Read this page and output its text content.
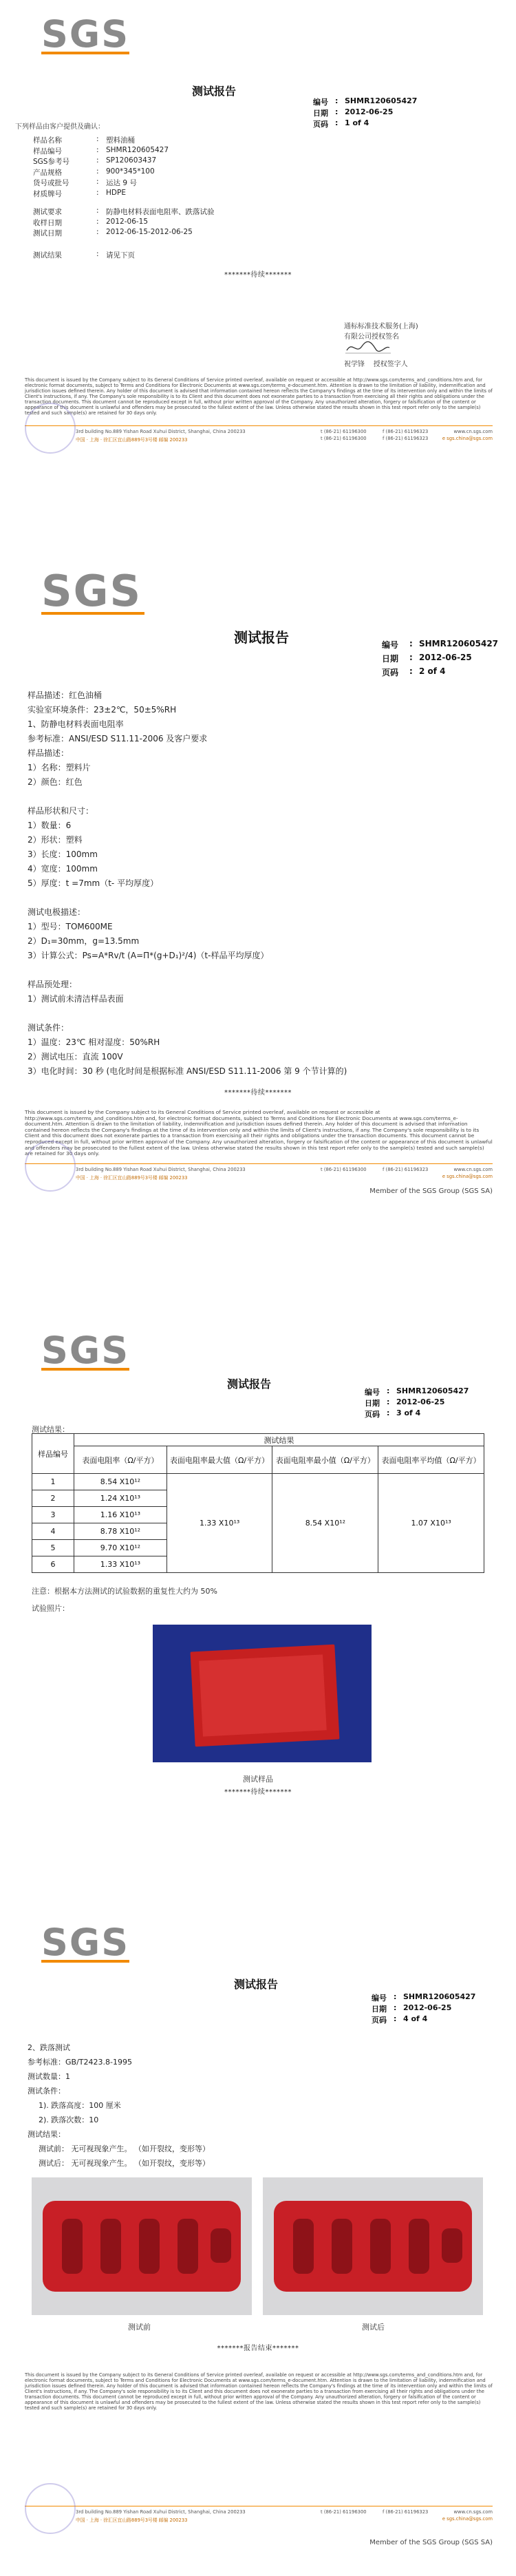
SGS
测试报告
编号 : SHMR120605427
日期 : 2012-06-25
页码 : 1 of 4
下列样品由客户提供及确认：
样品名称	: 塑料油桶
样品编号	: SHMR120605427
SGS参考号	: SP120603437
产品规格	: 900*345*100
货号或批号	: 运达 9 号
材质牌号	: HDPE
测试要求	: 防静电材料表面电阻率、跌落试验
收样日期	: 2012-06-15
测试日期	: 2012-06-15-2012-06-25
测试结果	: 请见下页
*******待续*******
通标标准技术服务(上海)
有限公司授权签名
祝学锋 授权签字人
This document is issued by the Company subject to its General Conditions of Service printed overleaf, available on request or accessible at http://www.sgs.com/terms_and_conditions.htm and, for electronic format documents, subject to Terms and Conditions for Electronic Documents at www.sgs.com/terms_e-document.htm. Attention is drawn to the limitation of liability, indemnification and jurisdiction issues defined therein. Any holder of this document is advised that information contained hereon reflects the Company's findings at the time of its intervention only and within the limits of Client's instructions, if any. The Company's sole responsibility is to its Client and this document does not exonerate parties to a transaction from exercising all their rights and obligations under the transaction documents. This document cannot be reproduced except in full, without prior written approval of the Company. Any unauthorized alteration, forgery or falsification of the content or appearance of this document is unlawful and offenders may be prosecuted to the fullest extent of the law. Unless otherwise stated the results shown in this test report refer only to the sample(s) tested and such sample(s) are retained for 30 days only.
3rd building No.889 Yishan Road Xuhui District, Shanghai, China 200233
中国 · 上海 · 徐汇区宜山路889号3号楼 邮编 200233
t (86-21) 61196300	f (86-21) 61196323
t (86-21) 61196300	f (86-21) 61196323
www.cn.sgs.com
e sgs.china@sgs.com
SGS
测试报告	编号	: SHMR120605427
日期	: 2012-06-25
页码	: 2 of 4
样品描述：红色油桶
实验室环境条件：23±2℃，50±5%RH
1、防静电材料表面电阻率
参考标准：ANSI/ESD S11.11-2006 及客户要求
样品描述：
1）名称：塑料片
2）颜色：红色
样品形状和尺寸：
1）数量：6
2）形状：塑料
3）长度：100mm
4）宽度：100mm
5）厚度：t =7mm（t- 平均厚度）
测试电极描述：
1）型号：TOM600ME
2）D₁=30mm，g=13.5mm
3）计算公式：Ps=A*Rv/t (A=Π*(g+D₁)²/4)（t-样品平均厚度）
样品预处理：
1）测试前未清洁样品表面
测试条件：
1）温度：23℃ 相对湿度：50%RH
2）测试电压：直流 100V
3）电化时间：30 秒 (电化时间是根据标准 ANSI/ESD S11.11-2006 第 9 个节计算的)
*******待续*******
This document is issued by the Company subject to its General Conditions of Service printed overleaf, available on request or accessible at http://www.sgs.com/terms_and_conditions.htm and, for electronic format documents, subject to Terms and Conditions for Electronic Documents at www.sgs.com/terms_e-document.htm. Attention is drawn to the limitation of liability, indemnification and jurisdiction issues defined therein. Any holder of this document is advised that information contained hereon reflects the Company's findings at the time of its intervention only and within the limits of Client's instructions, if any. The Company's sole responsibility is to its Client and this document does not exonerate parties to a transaction from exercising all their rights and obligations under the transaction documents. This document cannot be reproduced except in full, without prior written approval of the Company. Any unauthorized alteration, forgery or falsification of the content or appearance of this document is unlawful and offenders may be prosecuted to the fullest extent of the law. Unless otherwise stated the results shown in this test report refer only to the sample(s) tested and such sample(s) are retained for 30 days only.
3rd building No.889 Yishan Road Xuhui District, Shanghai, China 200233
中国 · 上海 · 徐汇区宜山路889号3号楼 邮编 200233
t (86-21) 61196300	f (86-21) 61196323	www.cn.sgs.com
e sgs.china@sgs.com
Member of the SGS Group (SGS SA)
SGS
测试报告
编号 : SHMR120605427
日期 : 2012-06-25
页码 : 3 of 4
测试结果：
样品编号	测试结果			
	表面电阻率（Ω/平方）	表面电阻率最大值（Ω/平方）	表面电阻率最小值（Ω/平方）	表面电阻率平均值（Ω/平方）
1	8.54 X10¹²	1.33 X10¹³	8.54 X10¹²	1.07 X10¹³
2	1.24 X10¹³			
3	1.16 X10¹³			
4	8.78 X10¹²			
5	9.70 X10¹²			
6	1.33 X10¹³			
注意：根据本方法测试的试验数据的重复性大约为 50%
试验照片：
测试样品
*******待续*******
SGS
测试报告
编号 : SHMR120605427
日期 : 2012-06-25
页码 : 4 of 4
2、跌落测试
参考标准：GB/T2423.8-1995
测试数量：1
测试条件：
1). 跌落高度：100 厘米
2). 跌落次数：10
测试结果：
测试前： 无可视现象产生。 （如开裂纹，变形等）
测试后： 无可视现象产生。 （如开裂纹，变形等）
测试前	测试后
*******报告结束*******
This document is issued by the Company subject to its General Conditions of Service printed overleaf, available on request or accessible at http://www.sgs.com/terms_and_conditions.htm and, for electronic format documents, subject to Terms and Conditions for Electronic Documents at www.sgs.com/terms_e-document.htm. Attention is drawn to the limitation of liability, indemnification and jurisdiction issues defined therein. Any holder of this document is advised that information contained hereon reflects the Company's findings at the time of its intervention only and within the limits of Client's instructions, if any. The Company's sole responsibility is to its Client and this document does not exonerate parties to a transaction from exercising all their rights and obligations under the transaction documents. This document cannot be reproduced except in full, without prior written approval of the Company. Any unauthorized alteration, forgery or falsification of the content or appearance of this document is unlawful and offenders may be prosecuted to the fullest extent of the law. Unless otherwise stated the results shown in this test report refer only to the sample(s) tested and such sample(s) are retained for 30 days only.
3rd building No.889 Yishan Road Xuhui District, Shanghai, China 200233
中国 · 上海 · 徐汇区宜山路889号3号楼 邮编 200233
t (86-21) 61196300	f (86-21) 61196323	www.cn.sgs.com
e sgs.china@sgs.com
Member of the SGS Group (SGS SA)
